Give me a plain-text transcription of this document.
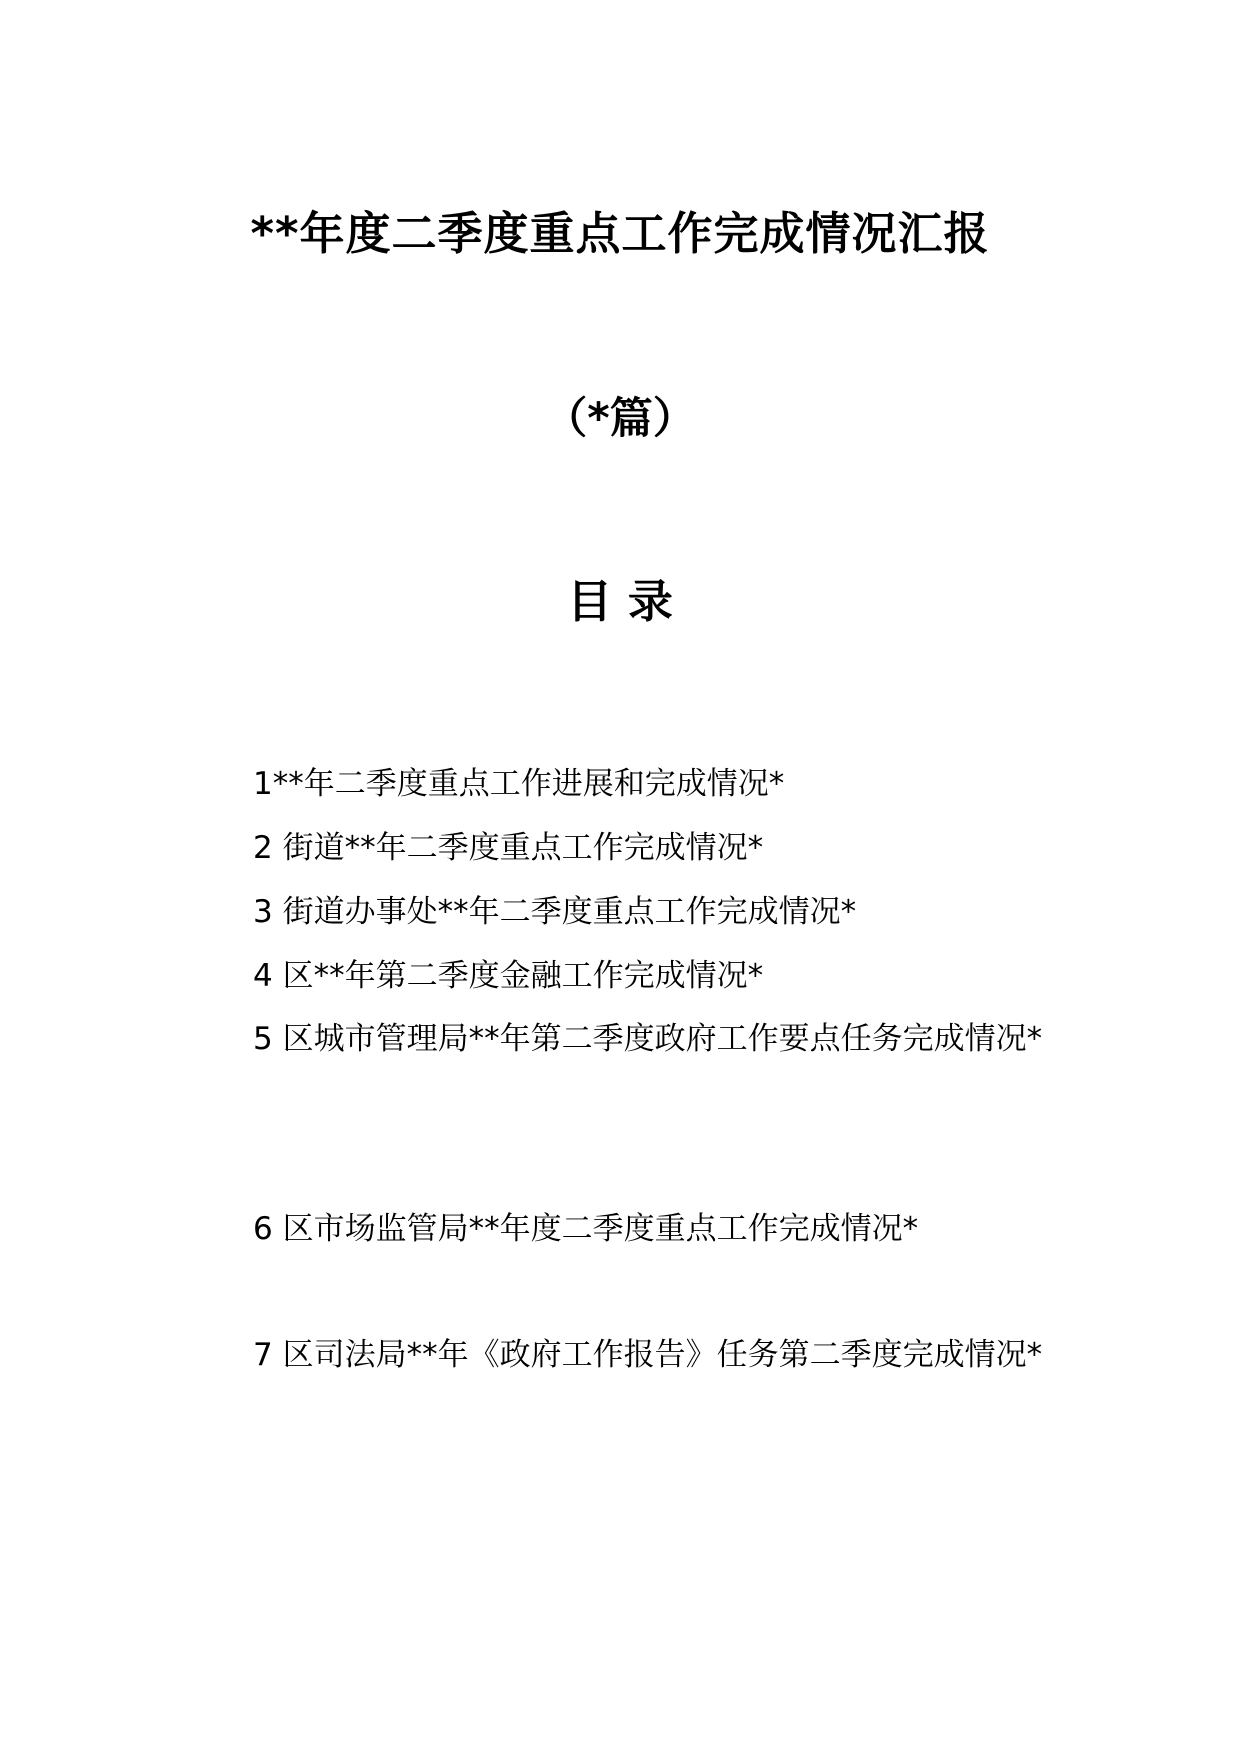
**年度二季度重点工作完成情况汇报
（*篇）
目 录
1**年二季度重点工作进展和完成情况*
2 街道**年二季度重点工作完成情况*
3 街道办事处**年二季度重点工作完成情况*
4 区**年第二季度金融工作完成情况*
5 区城市管理局**年第二季度政府工作要点任务完成情况*
6 区市场监管局**年度二季度重点工作完成情况*
7 区司法局**年《政府工作报告》任务第二季度完成情况*
